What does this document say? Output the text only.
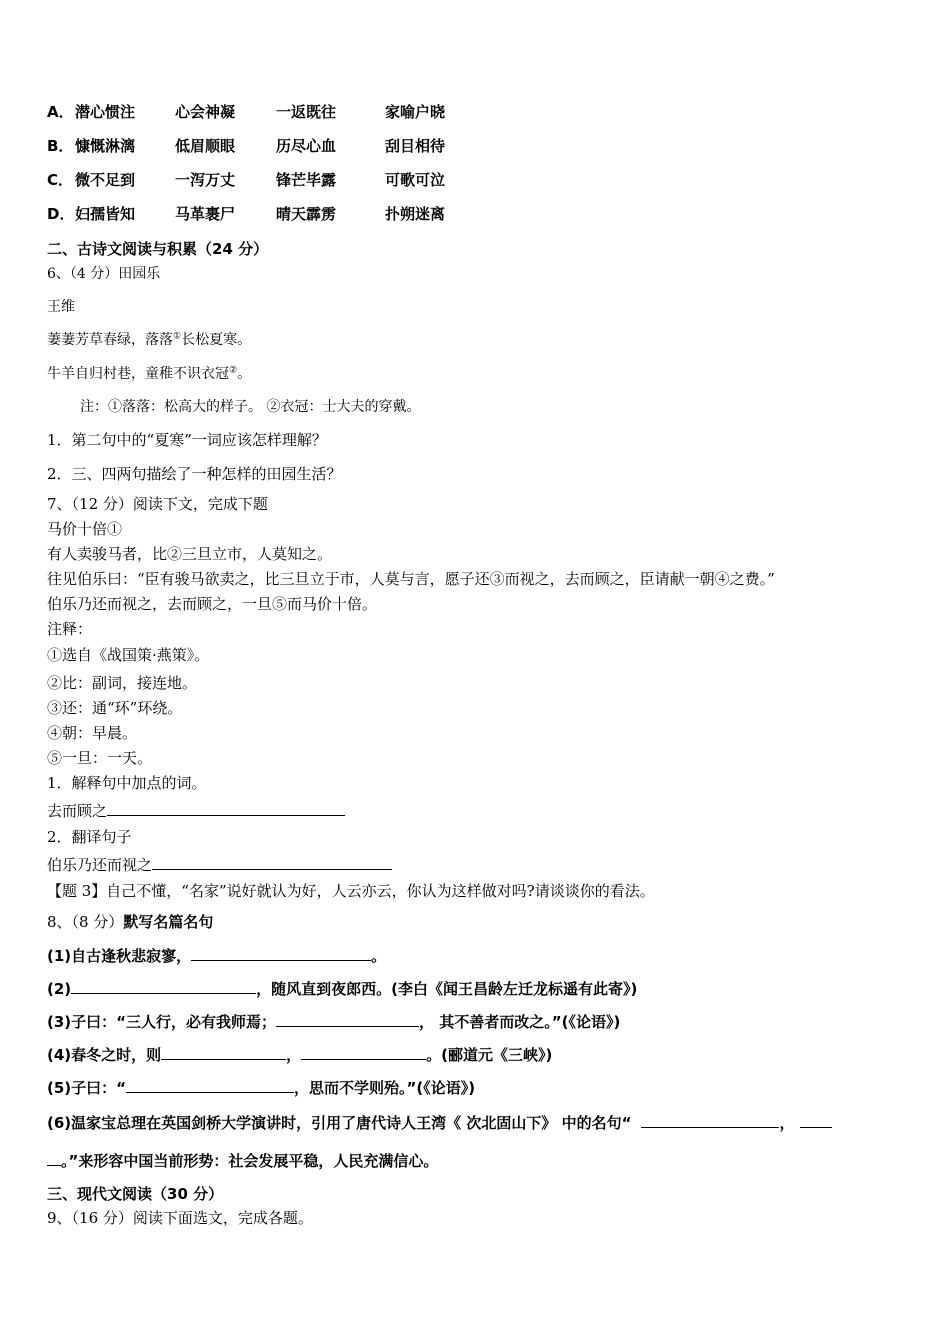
A． 潜心惯注	心会神凝	一返既往	家喻户晓
B． 慷慨淋漓	低眉顺眼	历尽心血	刮目相待
C． 微不足到	一泻万丈	锋芒毕露	可歌可泣
D． 妇孺皆知	马革裹尸	晴天霹雳	扑朔迷离
二、古诗文阅读与积累（24 分）
6、（4 分）田园乐
王维
萋萋芳草春绿，落落①长松夏寒。
牛羊自归村巷，童稚不识衣冠②。
注：①落落：松高大的样子。 ②衣冠：士大夫的穿戴。
1．第二句中的“夏寒”一词应该怎样理解？
2．三、四两句描绘了一种怎样的田园生活？
7、（12 分）阅读下文，完成下题
马价十倍①
有人卖骏马者，比②三旦立市，人莫知之。
往见伯乐曰：“臣有骏马欲卖之，比三旦立于市，人莫与言，愿子还③而视之，去而顾之，臣请献一朝④之费。”
伯乐乃还而视之，去而顾之，一旦⑤而马价十倍。
注释：
①选自《战国策·燕策》。
②比：副词，接连地。
③还：通“环”环绕。
④朝：早晨。
⑤一旦：一天。
1．解释句中加点的词。
去而顾之
2．翻译句子
伯乐乃还而视之
【题 3】自己不懂，“名家”说好就认为好，人云亦云，你认为这样做对吗?请谈谈你的看法。
8、（8 分）默写名篇名句
(1)自古逢秋悲寂寥，	。
(2)	，随风直到夜郎西。(李白《闻王昌龄左迁龙标遥有此寄》)
(3)子曰：“三人行，必有我师焉；	， 其不善者而改之。”(《论语》)
(4)春冬之时，则	，	。(郦道元《三峡》)
(5)子曰：“	，思而不学则殆。”(《论语》)
(6)温家宝总理在英国剑桥大学演讲时，引用了唐代诗人王湾《 次北固山下》 中的名句“	，
。”来形容中国当前形势：社会发展平稳，人民充满信心。
三、现代文阅读（30 分）
9、（16 分）阅读下面选文，完成各题。
